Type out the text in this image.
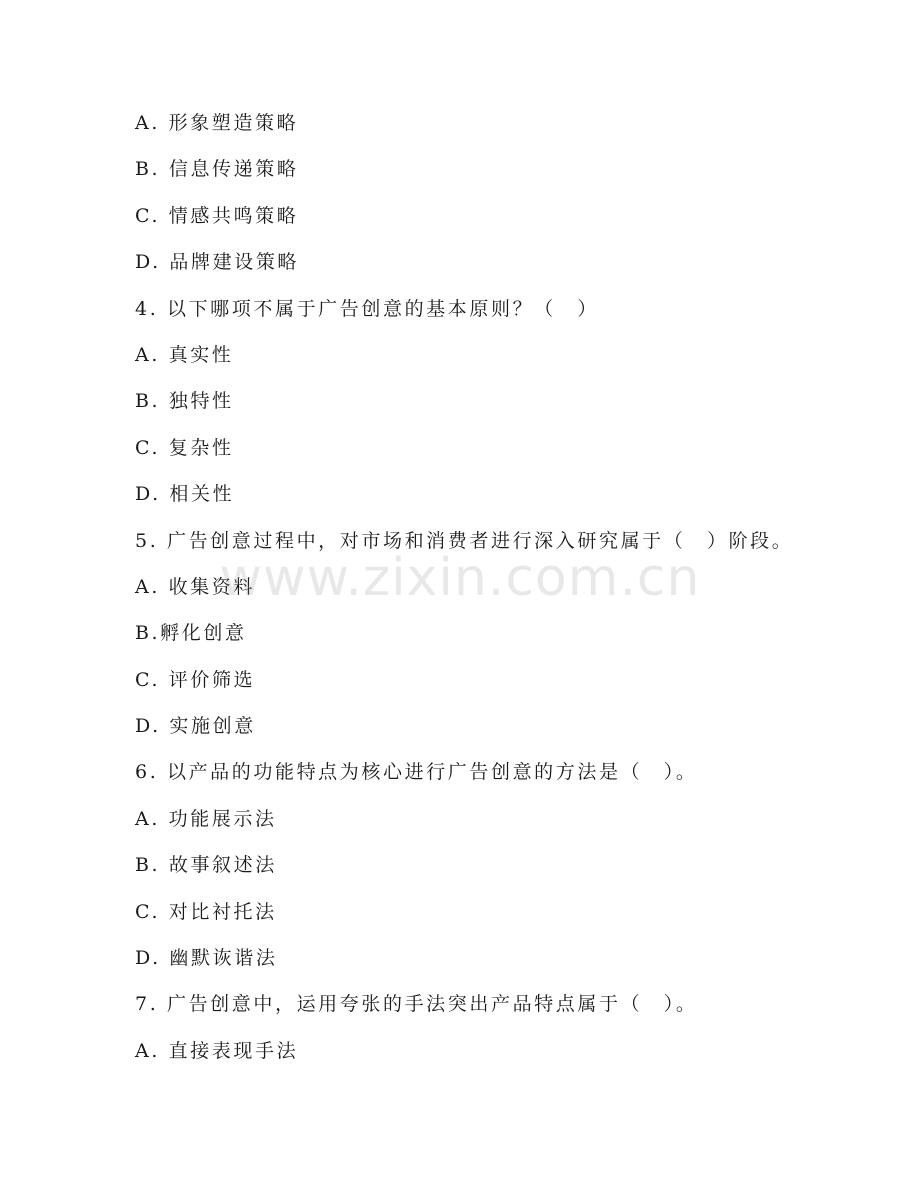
A. 形象塑造策略
B. 信息传递策略
C. 情感共鸣策略
D. 品牌建设策略
4. 以下哪项不属于广告创意的基本原则？（　）
A. 真实性
B. 独特性
C. 复杂性
D. 相关性
5. 广告创意过程中，对市场和消费者进行深入研究属于（　）阶段。
A. 收集资料
B.孵化创意
C. 评价筛选
D. 实施创意
6. 以产品的功能特点为核心进行广告创意的方法是（　）。
A. 功能展示法
B. 故事叙述法
C. 对比衬托法
D. 幽默诙谐法
7. 广告创意中，运用夸张的手法突出产品特点属于（　）。
A. 直接表现手法
www.zixin.com.cn
